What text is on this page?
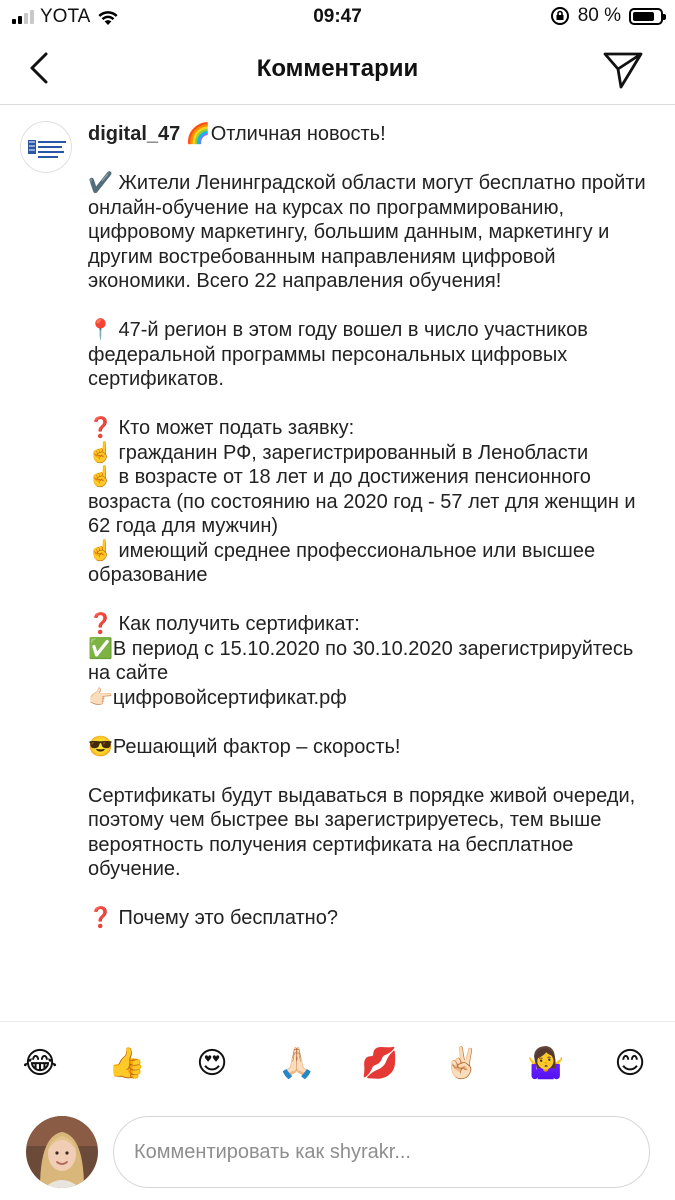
YOTA	09:47	80 %
Комментарии

digital_47 🌈Отличная новость!

✔️ Жители Ленинградской области могут бесплатно пройти онлайн-обучение на курсах по программированию, цифровому маркетингу, большим данным, маркетингу и другим востребованным направлениям цифровой экономики. Всего 22 направления обучения!

📍 47-й регион в этом году вошел в число участников федеральной программы персональных цифровых сертификатов.

❓ Кто может подать заявку:
☝️ гражданин РФ, зарегистрированный в Ленобласти
☝️ в возрасте от 18 лет и до достижения пенсионного возраста (по состоянию на 2020 год - 57 лет для женщин и 62 года для мужчин)

☝️ имеющий среднее профессиональное или высшее образование

❓ Как получить сертификат:
✅В период с 15.10.2020 по 30.10.2020 зарегистрируйтесь на сайте

👉🏻цифровойсертификат.рф

😎Решающий фактор – скорость!

Сертификаты будут выдаваться в порядке живой очереди, поэтому чем быстрее вы зарегистрируетесь, тем выше вероятность получения сертификата на бесплатное обучение.

❓ Почему это бесплатно?

😂 👍 😍 🙏🏻 💋 ✌🏻 🤷‍♀️ 😊
Комментировать как shyrakr...
